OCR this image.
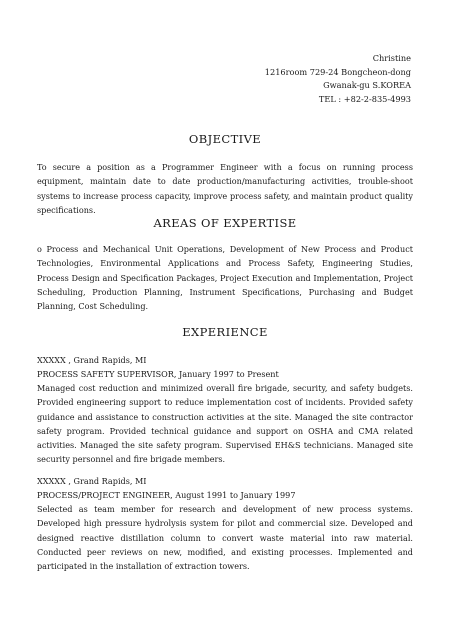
Christine
1216room 729-24 Bongcheon-dong
Gwanak-gu S.KOREA
TEL : +82-2-835-4993
OBJECTIVE
To secure a position as a Programmer Engineer with a focus on running process equipment, maintain date to date production/manufacturing activities, trouble-shoot systems to increase process capacity, improve process safety, and maintain product quality specifications.
AREAS OF EXPERTISE
o Process and Mechanical Unit Operations, Development of New Process and Product Technologies, Environmental Applications and Process Safety, Engineering Studies, Process Design and Specification Packages, Project Execution and Implementation, Project Scheduling, Production Planning, Instrument Specifications, Purchasing and Budget Planning, Cost Scheduling.
EXPERIENCE
XXXXX , Grand Rapids, MI
PROCESS SAFETY SUPERVISOR, January 1997 to Present
Managed cost reduction and minimized overall fire brigade, security, and safety budgets. Provided engineering support to reduce implementation cost of incidents. Provided safety guidance and assistance to construction activities at the site. Managed the site contractor safety program. Provided technical guidance and support on OSHA and CMA related activities. Managed the site safety program. Supervised EH&S technicians. Managed site security personnel and fire brigade members.
XXXXX , Grand Rapids, MI
PROCESS/PROJECT ENGINEER, August 1991 to January 1997
Selected as team member for research and development of new process systems. Developed high pressure hydrolysis system for pilot and commercial size. Developed and designed reactive distillation column to convert waste material into raw material. Conducted peer reviews on new, modified, and existing processes. Implemented and participated in the installation of extraction towers.
